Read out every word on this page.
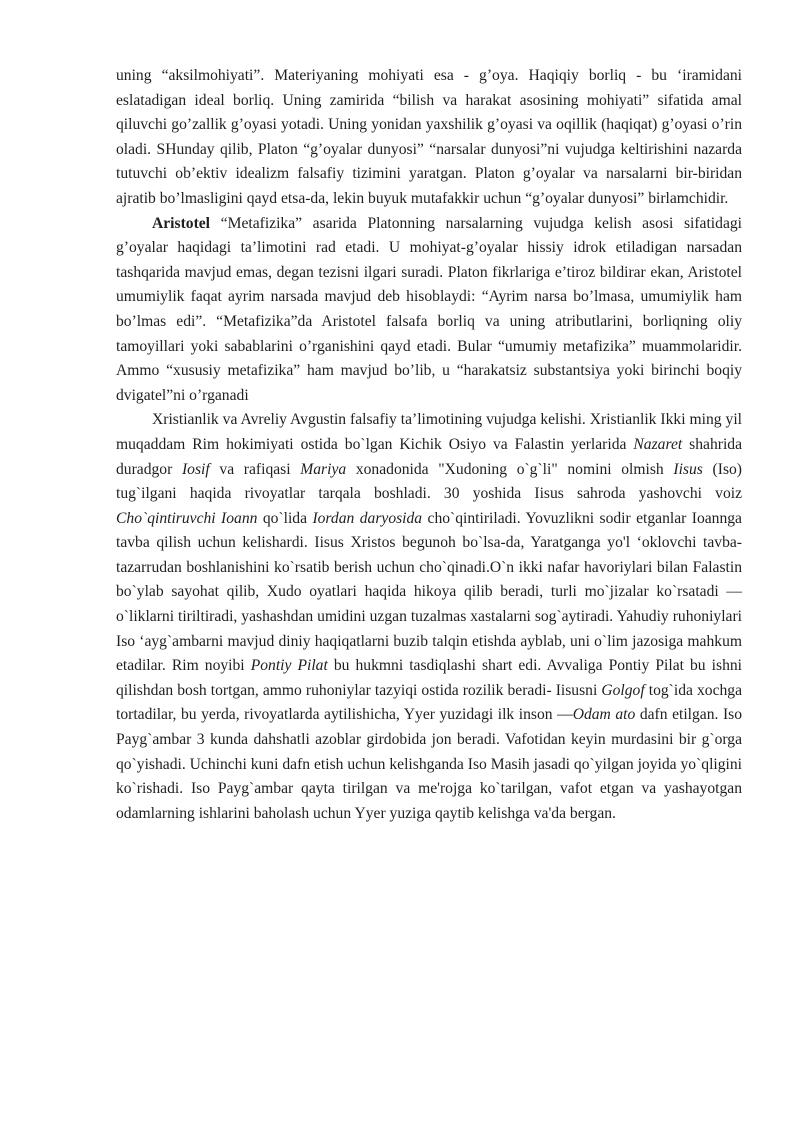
uning “aksilmohiyati”. Materiyaning mohiyati esa - g’oya. Haqiqiy borliq - bu ‘iramidani eslatadigan ideal borliq. Uning zamirida “bilish va harakat asosining mohiyati” sifatida amal qiluvchi go’zallik g’oyasi yotadi. Uning yonidan yaxshilik g’oyasi va oqillik (haqiqat) g’oyasi o’rin oladi. SHunday qilib, Platon “g’oyalar dunyosi” “narsalar dunyosi”ni vujudga keltirishini nazarda tutuvchi ob’ektiv idealizm falsafiy tizimini yaratgan. Platon g’oyalar va narsalarni bir-biridan ajratib bo’lmasligini qayd etsa-da, lekin buyuk mutafakkir uchun “g’oyalar dunyosi” birlamchidir.

Aristotel “Metafizika” asarida Platonning narsalarning vujudga kelish asosi sifatidagi g’oyalar haqidagi ta’limotini rad etadi. U mohiyat-g’oyalar hissiy idrok etiladigan narsadan tashqarida mavjud emas, degan tezisni ilgari suradi. Platon fikrlariga e’tiroz bildirar ekan, Aristotel umumiylik faqat ayrim narsada mavjud deb hisoblaydi: “Ayrim narsa bo’lmasa, umumiylik ham bo’lmas edi”. “Metafizika”da Aristotel falsafa borliq va uning atributlarini, borliqning oliy tamoyillari yoki sabablarini o’rganishini qayd etadi. Bular “umumiy metafizika” muammolaridir. Ammo “xususiy metafizika” ham mavjud bo’lib, u “harakatsiz substantsiya yoki birinchi boqiy dvigatel”ni o’rganadi

Xristianlik va Avreliy Avgustin falsafiy ta’limotining vujudga kelishi. Xristianlik Ikki ming yil muqaddam Rim hokimiyati ostida bo`lgan Kichik Osiyo va Falastin yerlarida Nazaret shahrida duradgor Iosif va rafiqasi Mariya xonadonida "Xudoning o`g`li" nomini olmish Iisus (Iso) tug`ilgani haqida rivoyatlar tarqala boshladi. 30 yoshida Iisus sahroda yashovchi voiz Cho`qintiruvchi Ioann qo`lida Iordan daryosida cho`qintiriladi. Yovuzlikni sodir etganlar Ioannga tavba qilish uchun kelishardi. Iisus Xristos begunoh bo`lsa-da, Yaratganga yo'l ‘oklovchi tavba-tazarrudan boshlanishini ko`rsatib berish uchun cho`qinadi.O`n ikki nafar havoriylari bilan Falastin bo`ylab sayohat qilib, Xudo oyatlari haqida hikoya qilib beradi, turli mo`jizalar ko`rsatadi — o`liklarni tiriltiradi, yashashdan umidini uzgan tuzalmas xastalarni sog`aytiradi. Yahudiy ruhoniylari Iso ‘ayg`ambarni mavjud diniy haqiqatlarni buzib talqin etishda ayblab, uni o`lim jazosiga mahkum etadilar. Rim noyibi Pontiy Pilat bu hukmni tasdiqlashi shart edi. Avvaliga Pontiy Pilat bu ishni qilishdan bosh tortgan, ammo ruhoniylar tazyiqi ostida rozilik beradi- Iisusni Golgof tog`ida xochga tortadilar, bu yerda, rivoyatlarda aytilishicha, Yyer yuzidagi ilk inson —Odam ato dafn etilgan. Iso Payg`ambar 3 kunda dahshatli azoblar girdobida jon beradi. Vafotidan keyin murdasini bir g`orga qo`yishadi. Uchinchi kuni dafn etish uchun kelishganda Iso Masih jasadi qo`yilgan joyida yo`qligini ko`rishadi. Iso Payg`ambar qayta tirilgan va me'rojga ko`tarilgan, vafot etgan va yashayotgan odamlarning ishlarini baholash uchun Yyer yuziga qaytib kelishga va'da bergan.
